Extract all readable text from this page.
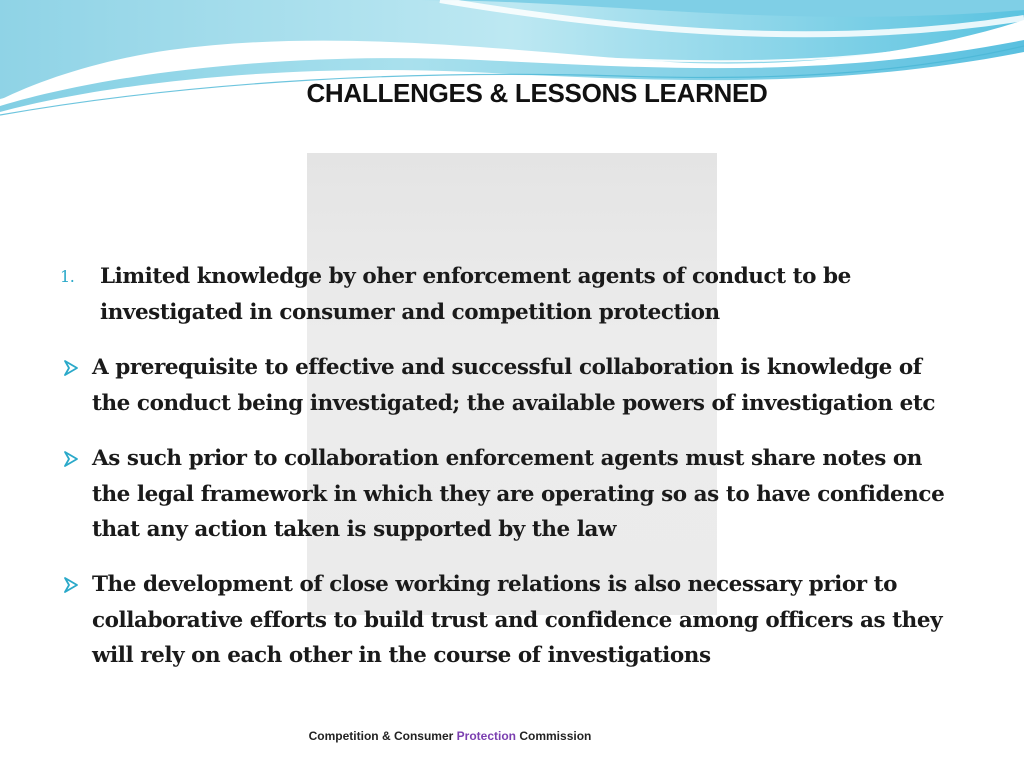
CHALLENGES & LESSONS LEARNED
1. Limited knowledge by oher enforcement agents of conduct to be
investigated in consumer and competition protection
A prerequisite to effective and successful collaboration is knowledge of
the conduct being investigated; the available powers of investigation etc
As such prior to collaboration enforcement agents must share notes on
the legal framework in which they are operating so as to have confidence
that any action taken is supported by the law
The development of close working relations is also necessary prior to
collaborative efforts to build trust and confidence among officers as they
will rely on each other in the course of investigations
Competition & Consumer Protection Commission
